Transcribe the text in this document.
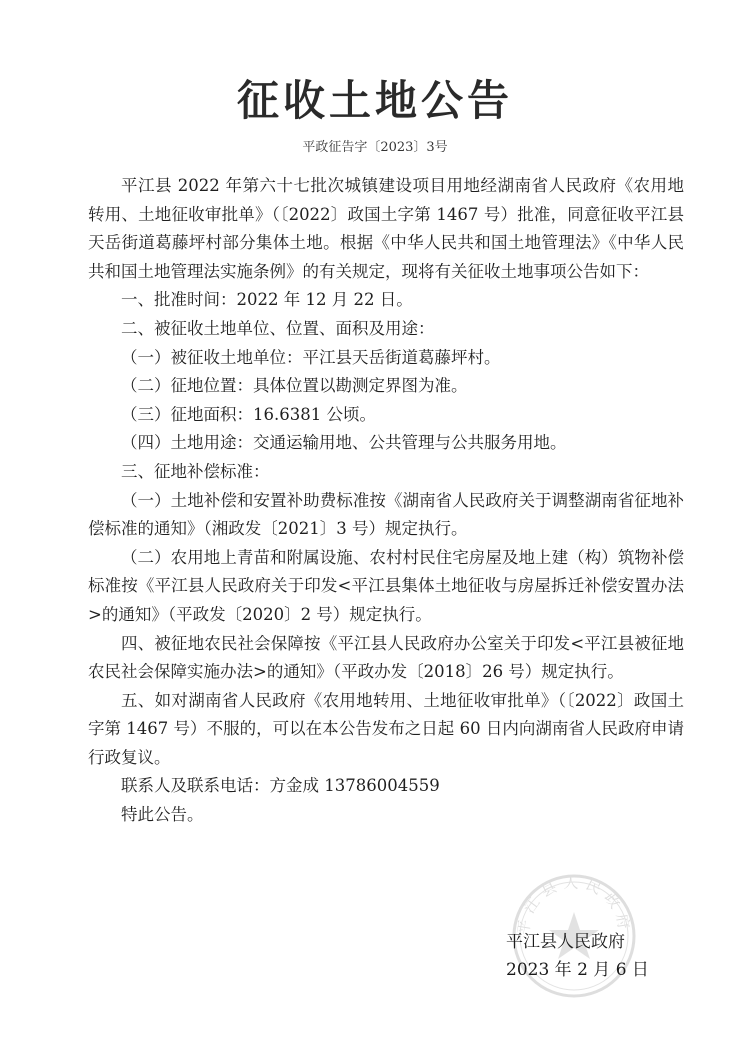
征收土地公告
平政征告字〔2023〕3号

平江县 2022 年第六十七批次城镇建设项目用地经湖南省人民政府《农用地转用、土地征收审批单》（〔2022〕政国土字第 1467 号）批准，同意征收平江县天岳街道葛藤坪村部分集体土地。根据《中华人民共和国土地管理法》《中华人民共和国土地管理法实施条例》的有关规定，现将有关征收土地事项公告如下：

一、批准时间：2022 年 12 月 22 日。

二、被征收土地单位、位置、面积及用途：

（一）被征收土地单位：平江县天岳街道葛藤坪村。

（二）征地位置：具体位置以勘测定界图为准。

（三）征地面积：16.6381 公顷。

（四）土地用途：交通运输用地、公共管理与公共服务用地。

三、征地补偿标准：

（一）土地补偿和安置补助费标准按《湖南省人民政府关于调整湖南省征地补偿标准的通知》（湘政发〔2021〕3 号）规定执行。

（二）农用地上青苗和附属设施、农村村民住宅房屋及地上建（构）筑物补偿标准按《平江县人民政府关于印发<平江县集体土地征收与房屋拆迁补偿安置办法>的通知》（平政发〔2020〕2 号）规定执行。

四、被征地农民社会保障按《平江县人民政府办公室关于印发<平江县被征地农民社会保障实施办法>的通知》（平政办发〔2018〕26 号）规定执行。

五、如对湖南省人民政府《农用地转用、土地征收审批单》（〔2022〕政国土字第 1467 号）不服的，可以在本公告发布之日起 60 日内向湖南省人民政府申请行政复议。

联系人及联系电话：方金成 13786004559

特此公告。

平江县人民政府
平江县人民政府
2023 年 2 月 6 日
